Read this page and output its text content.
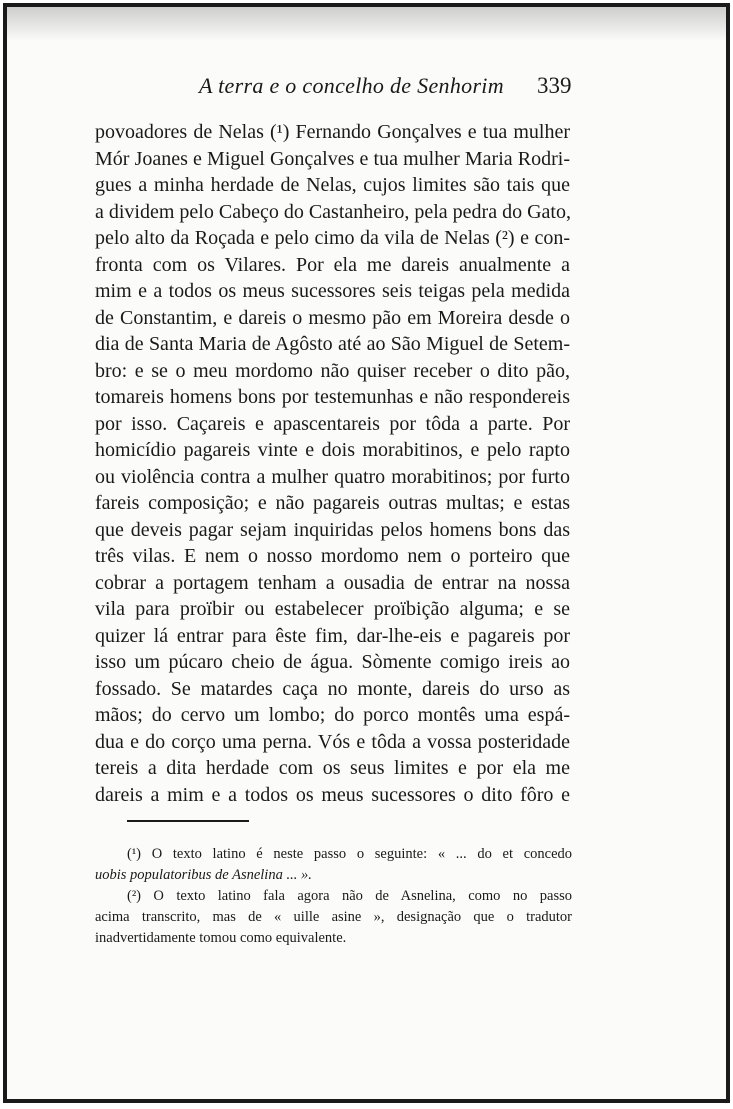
A terra e o concelho de Senhorim 339
povoadores de Nelas (¹) Fernando Gonçalves e tua mulher
Mór Joanes e Miguel Gonçalves e tua mulher Maria Rodri-
gues a minha herdade de Nelas, cujos limites são tais que
a dividem pelo Cabeço do Castanheiro, pela pedra do Gato,
pelo alto da Roçada e pelo cimo da vila de Nelas (²) e con-
fronta com os Vilares. Por ela me dareis anualmente a
mim e a todos os meus sucessores seis teigas pela medida
de Constantim, e dareis o mesmo pão em Moreira desde o
dia de Santa Maria de Agôsto até ao São Miguel de Setem-
bro: e se o meu mordomo não quiser receber o dito pão,
tomareis homens bons por testemunhas e não respondereis
por isso. Caçareis e apascentareis por tôda a parte. Por
homicídio pagareis vinte e dois morabitinos, e pelo rapto
ou violência contra a mulher quatro morabitinos; por furto
fareis composição; e não pagareis outras multas; e estas
que deveis pagar sejam inquiridas pelos homens bons das
três vilas. E nem o nosso mordomo nem o porteiro que
cobrar a portagem tenham a ousadia de entrar na nossa
vila para proïbir ou estabelecer proïbição alguma; e se
quizer lá entrar para êste fim, dar-lhe-eis e pagareis por
isso um púcaro cheio de água. Sòmente comigo ireis ao
fossado. Se matardes caça no monte, dareis do urso as
mãos; do cervo um lombo; do porco montês uma espá-
dua e do corço uma perna. Vós e tôda a vossa posteridade
tereis a dita herdade com os seus limites e por ela me
dareis a mim e a todos os meus sucessores o dito fôro e
(¹) O texto latino é neste passo o seguinte: « ... do et concedo
uobis populatoribus de Asnelina ... ».
(²) O texto latino fala agora não de Asnelina, como no passo
acima transcrito, mas de « uille asine », designação que o tradutor
inadvertidamente tomou como equivalente.
